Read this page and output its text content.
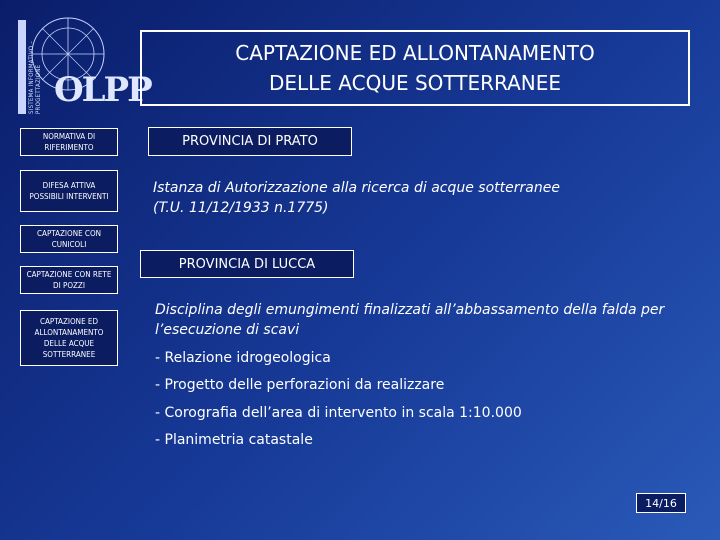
SISTEMA INFORMATIVO – PROGETTAZIONE OLPP
CAPTAZIONE ED ALLONTANAMENTO
DELLE ACQUE SOTTERRANEE
NORMATIVA DI RIFERIMENTO
DIFESA ATTIVA POSSIBILI INTERVENTI
CAPTAZIONE CON CUNICOLI
CAPTAZIONE CON RETE DI POZZI
CAPTAZIONE ED ALLONTANAMENTO DELLE ACQUE SOTTERRANEE
PROVINCIA DI PRATO
Istanza di Autorizzazione alla ricerca di acque sotterranee
(T.U. 11/12/1933 n.1775)
PROVINCIA DI LUCCA
Disciplina degli emungimenti finalizzati all’abbassamento della falda per
l’esecuzione di scavi
- Relazione idrogeologica
- Progetto delle perforazioni da realizzare
- Corografia dell’area di intervento in scala 1:10.000
- Planimetria catastale
14/16
